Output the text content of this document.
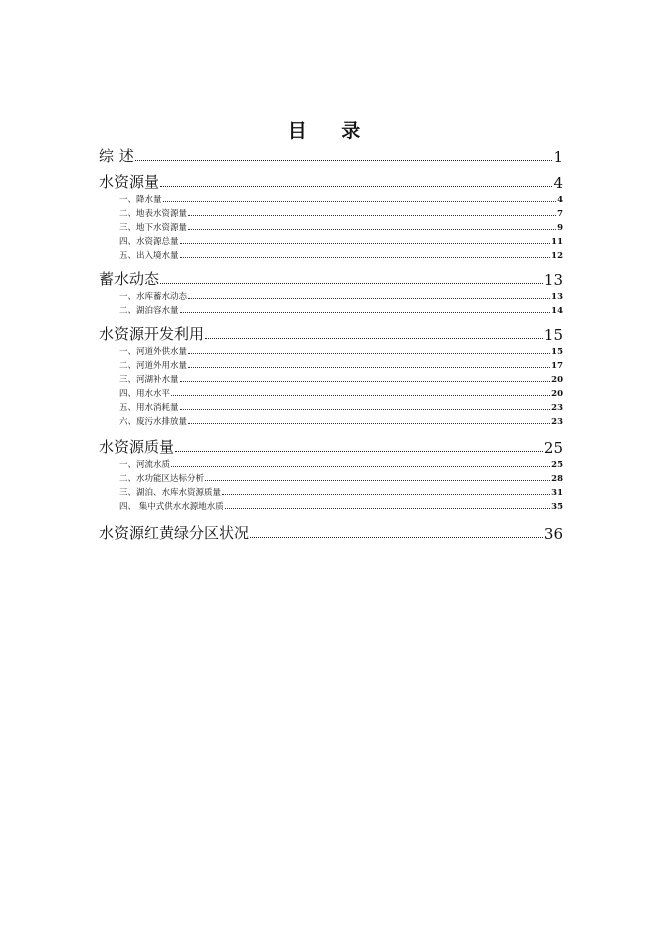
目 录
综 述	1
水资源量	4
一、降水量	4
二、地表水资源量	7
三、地下水资源量	9
四、水资源总量	11
五、出入境水量	12
蓄水动态	13
一、水库蓄水动态	13
二、湖泊容水量	14
水资源开发利用	15
一、河道外供水量	15
二、河道外用水量	17
三、河湖补水量	20
四、用水水平	20
五、用水消耗量	23
六、废污水排放量	23
水资源质量	25
一、河流水质	25
二、水功能区达标分析	28
三、湖泊、水库水资源质量	31
四、 集中式供水水源地水质	35
水资源红黄绿分区状况	36
